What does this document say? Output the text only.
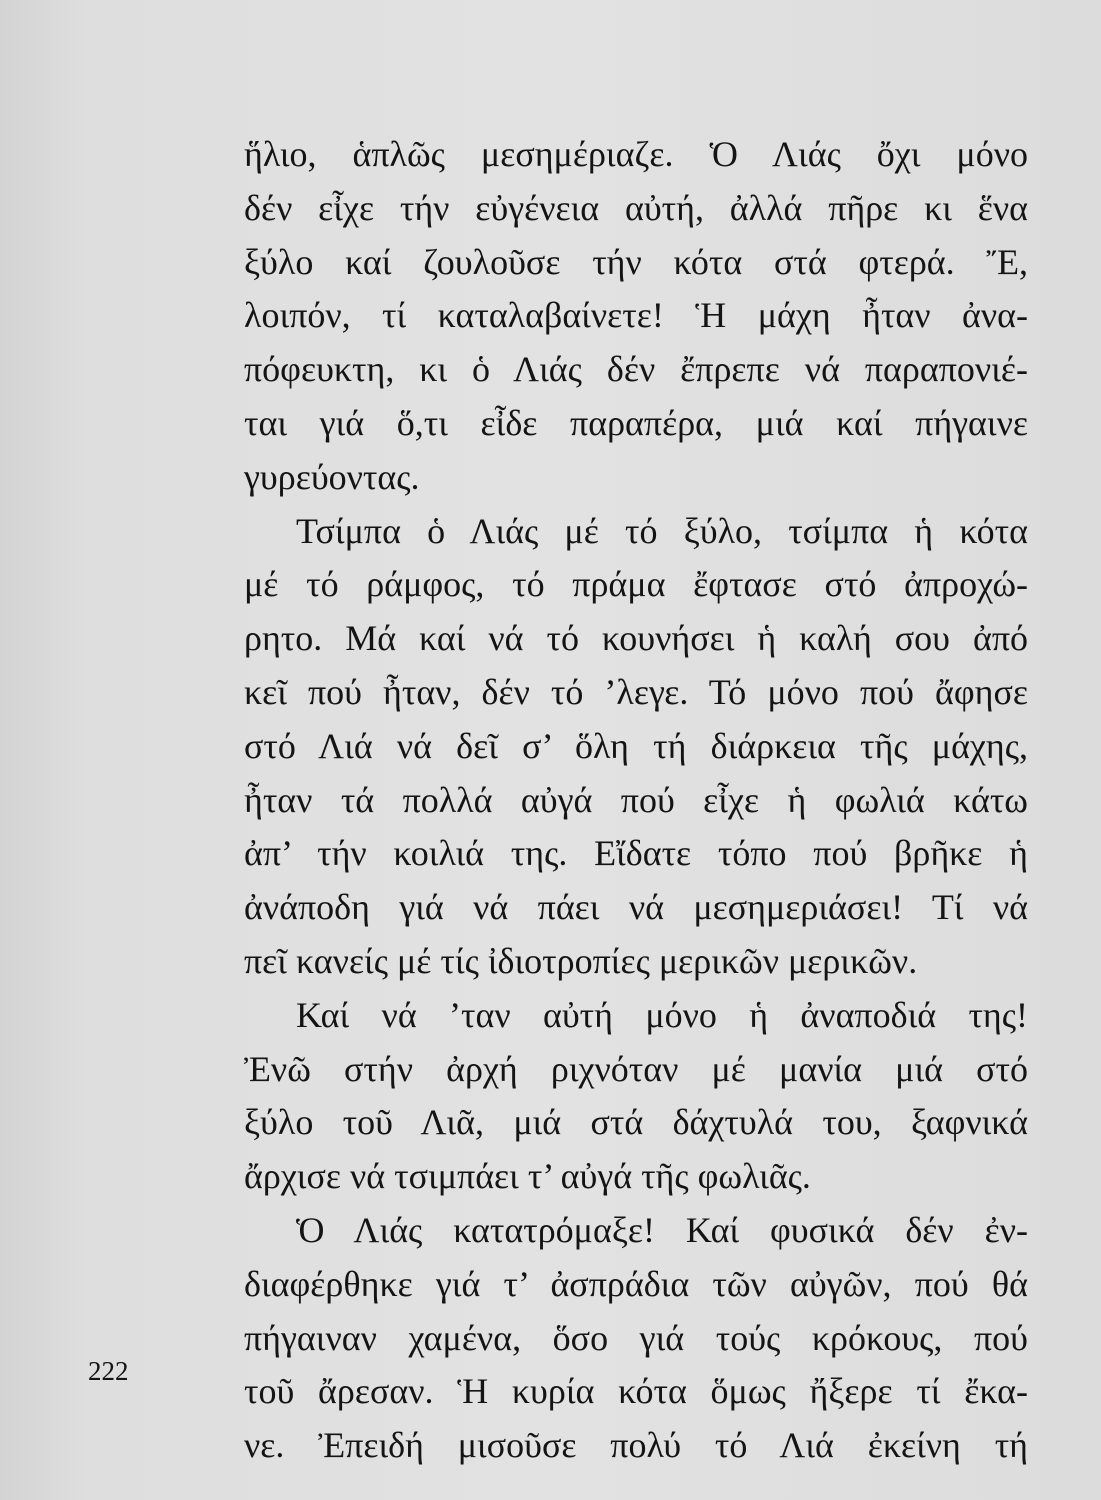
ἥλιο, ἁπλῶς μεσημέριαζε. Ὁ Λιάς ὄχι μόνο
δέν εἶχε τήν εὐγένεια αὐτή, ἀλλά πῆρε κι ἕνα
ξύλο καί ζουλοῦσε τήν κότα στά φτερά. Ἔ,
λοιπόν, τί καταλαβαίνετε! Ἡ μάχη ἦταν ἀνα-
πόφευκτη, κι ὁ Λιάς δέν ἔπρεπε νά παραπονιέ-
ται γιά ὅ,τι εἶδε παραπέρα, μιά καί πήγαινε
γυρεύοντας.
Τσίμπα ὁ Λιάς μέ τό ξύλο, τσίμπα ἡ κότα
μέ τό ράμφος, τό πράμα ἔφτασε στό ἀπροχώ-
ρητο. Μά καί νά τό κουνήσει ἡ καλή σου ἀπό
κεῖ πού ἦταν, δέν τό ’λεγε. Τό μόνο πού ἄφησε
στό Λιά νά δεῖ σ’ ὅλη τή διάρκεια τῆς μάχης,
ἦταν τά πολλά αὐγά πού εἶχε ἡ φωλιά κάτω
ἀπ’ τήν κοιλιά της. Εἴδατε τόπο πού βρῆκε ἡ
ἀνάποδη γιά νά πάει νά μεσημεριάσει! Τί νά
πεῖ κανείς μέ τίς ἰδιοτροπίες μερικῶν μερικῶν.
Καί νά ’ταν αὐτή μόνο ἡ ἀναποδιά της!
Ἐνῶ στήν ἀρχή ριχνόταν μέ μανία μιά στό
ξύλο τοῦ Λιᾶ, μιά στά δάχτυλά του, ξαφνικά
ἄρχισε νά τσιμπάει τ’ αὐγά τῆς φωλιᾶς.
Ὁ Λιάς κατατρόμαξε! Καί φυσικά δέν ἐν-
διαφέρθηκε γιά τ’ ἀσπράδια τῶν αὐγῶν, πού θά
πήγαιναν χαμένα, ὅσο γιά τούς κρόκους, πού
τοῦ ἄρεσαν. Ἡ κυρία κότα ὅμως ἤξερε τί ἔκα-
νε. Ἐπειδή μισοῦσε πολύ τό Λιά ἐκείνη τή
222
